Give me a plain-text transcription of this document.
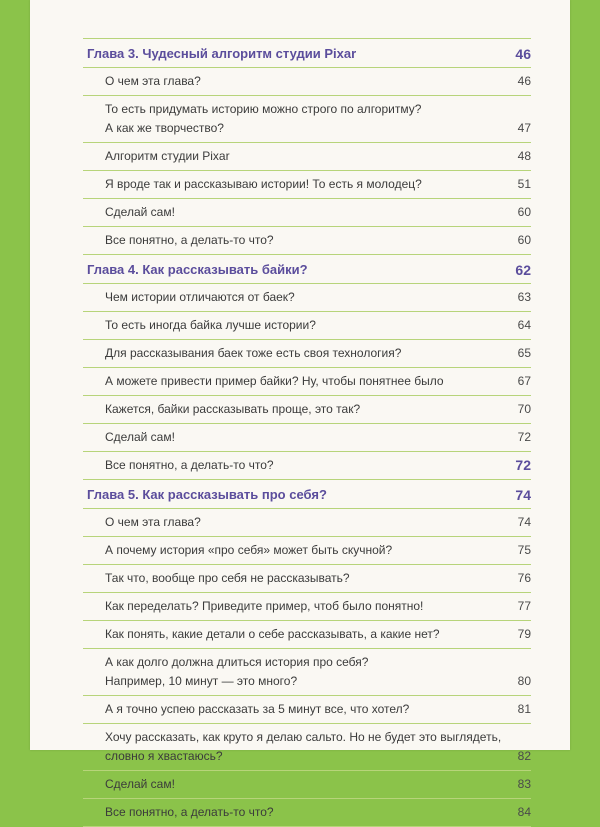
Глава 3. Чудесный алгоритм студии Pixar	46
О чем эта глава?	46
То есть придумать историю можно строго по алгоритму?
А как же творчество?	47
Алгоритм студии Pixar	48
Я вроде так и рассказываю истории! То есть я молодец?	51
Сделай сам!	60
Все понятно, а делать-то что?	60
Глава 4. Как рассказывать байки?	62
Чем истории отличаются от баек?	63
То есть иногда байка лучше истории?	64
Для рассказывания баек тоже есть своя технология?	65
А можете привести пример байки? Ну, чтобы понятнее было	67
Кажется, байки рассказывать проще, это так?	70
Сделай сам!	72
Все понятно, а делать-то что?	72
Глава 5. Как рассказывать про себя?	74
О чем эта глава?	74
А почему история «про себя» может быть скучной?	75
Так что, вообще про себя не рассказывать?	76
Как переделать? Приведите пример, чтоб было понятно!	77
Как понять, какие детали о себе рассказывать, а какие нет?	79
А как долго должна длиться история про себя?
Например, 10 минут — это много?	80
А я точно успею рассказать за 5 минут все, что хотел?	81
Хочу рассказать, как круто я делаю сальто. Но не будет это выглядеть,
словно я хвастаюсь?	82
Сделай сам!	83
Все понятно, а делать-то что?	84
